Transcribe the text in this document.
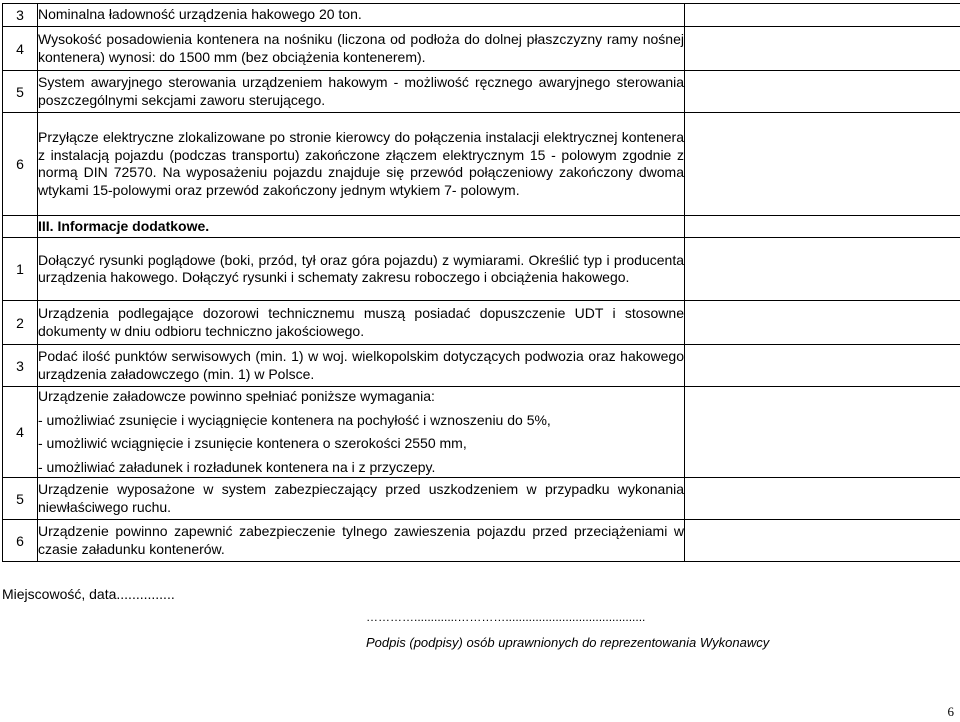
3	Nominalna ładowność urządzenia hakowego 20 ton.	
4	Wysokość posadowienia kontenera na nośniku (liczona od podłoża do dolnej płaszczyzny ramy nośnej kontenera) wynosi: do 1500 mm (bez obciążenia kontenerem).	
5	System awaryjnego sterowania urządzeniem hakowym - możliwość ręcznego awaryjnego sterowania poszczególnymi sekcjami zaworu sterującego.	
6	Przyłącze elektryczne zlokalizowane po stronie kierowcy do połączenia instalacji elektrycznej kontenera z instalacją pojazdu (podczas transportu) zakończone złączem elektrycznym 15 - polowym zgodnie z normą DIN 72570. Na wyposażeniu pojazdu znajduje się przewód połączeniowy zakończony dwoma wtykami 15-polowymi oraz przewód zakończony jednym wtykiem 7- polowym.	
	III. Informacje dodatkowe.	
1	Dołączyć rysunki poglądowe (boki, przód, tył oraz góra pojazdu) z wymiarami. Określić typ i producenta urządzenia hakowego. Dołączyć rysunki i schematy zakresu roboczego i obciążenia hakowego.	
2	Urządzenia podlegające dozorowi technicznemu muszą posiadać dopuszczenie UDT i stosowne dokumenty w dniu odbioru techniczno jakościowego.	
3	Podać ilość punktów serwisowych (min. 1) w woj. wielkopolskim dotyczących podwozia oraz hakowego urządzenia załadowczego (min. 1) w Polsce.	
4	Urządzenie załadowcze powinno spełniać poniższe wymagania:

- umożliwiać zsunięcie i wyciągnięcie kontenera na pochyłość i wznoszeniu do 5%,

- umożliwić wciągnięcie i zsunięcie kontenera o szerokości 2550 mm,

- umożliwiać załadunek i rozładunek kontenera na i z przyczepy.	

5	Urządzenie wyposażone w system zabezpieczający przed uszkodzeniem w przypadku wykonania niewłaściwego ruchu.	
6	Urządzenie powinno zapewnić zabezpieczenie tylnego zawieszenia pojazdu przed przeciążeniami w czasie załadunku kontenerów.	
Miejscowość, data...............
………….............…………..........................................
Podpis (podpisy) osób uprawnionych do reprezentowania Wykonawcy
6
